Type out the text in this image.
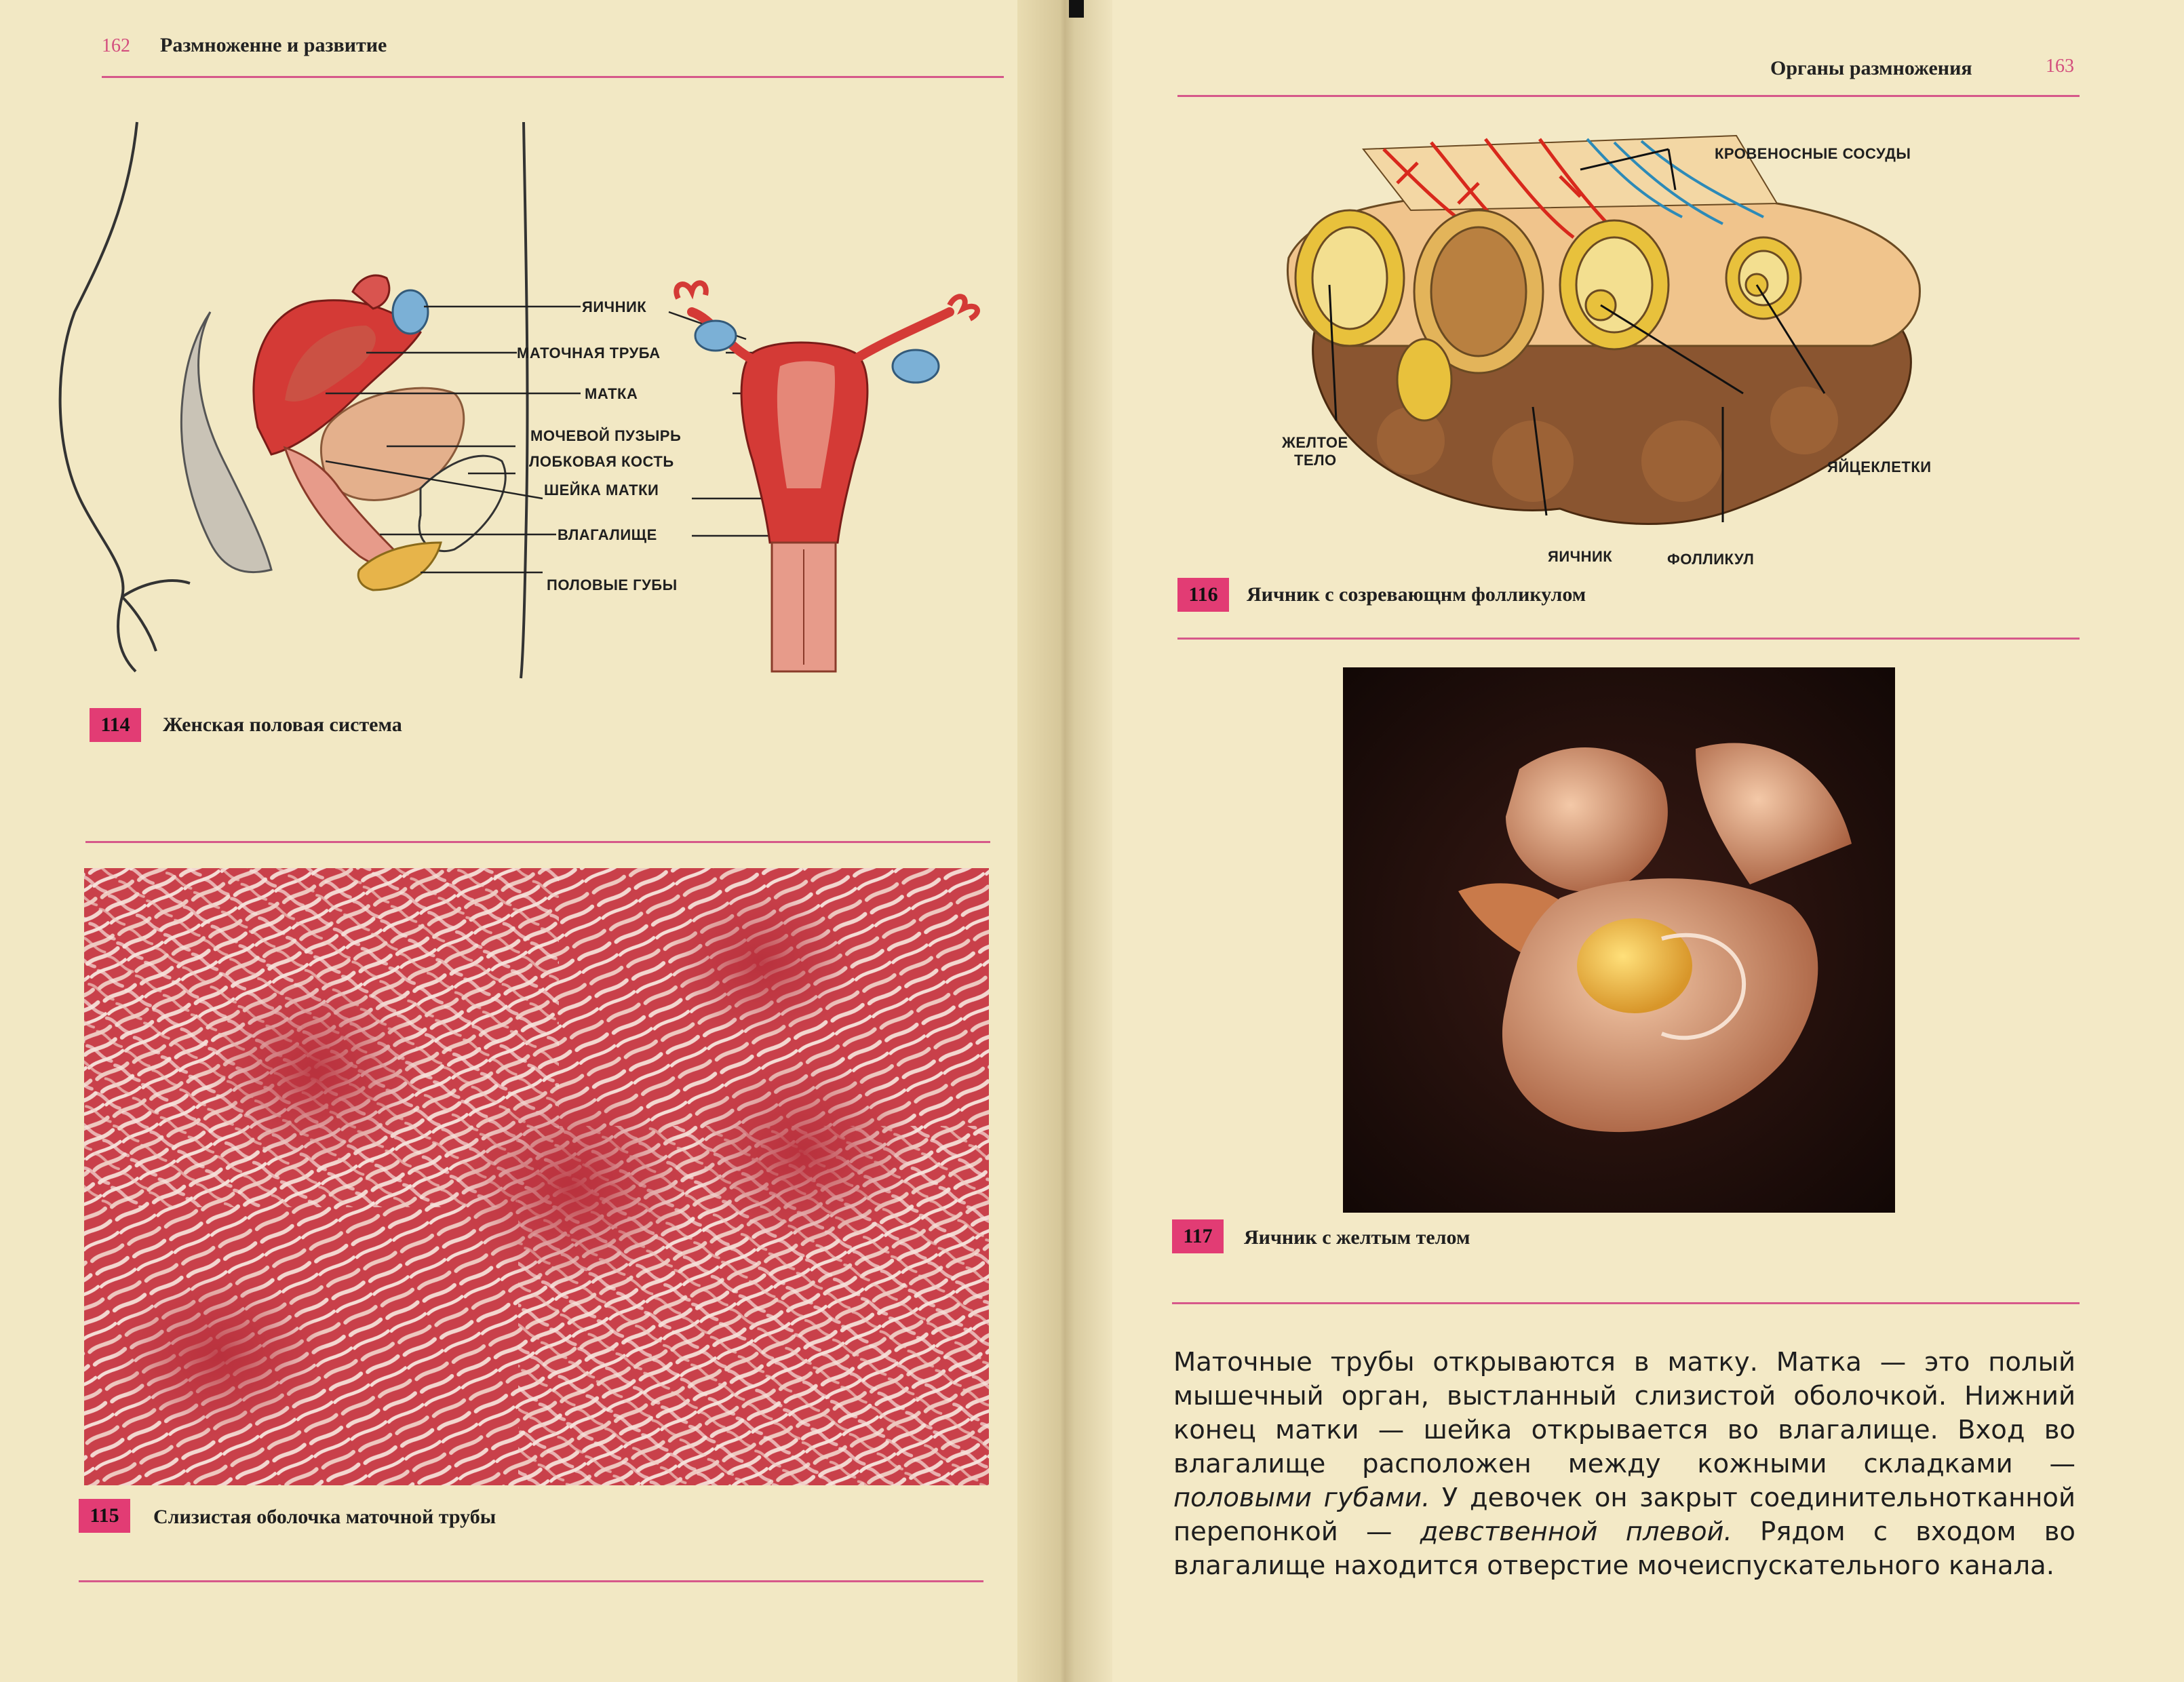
162 Размноженне и развитие
ЯИЧНИК
МАТОЧНАЯ ТРУБА
МАТКА
МОЧЕВОЙ ПУЗЫРЬ
ЛОБКОВАЯ КОСТЬ
ШЕЙКА МАТКИ
ВЛАГАЛИЩЕ
ПОЛОВЫЕ ГУБЫ
114	Женская половая система
115	Слизистая оболочка маточной трубы
Органы размножения	163
КРОВЕНОСНЫЕ СОСУДЫ
ЖЕЛТОЕ
ТЕЛО	ЯЙЦЕКЛЕТКИ
ЯИЧНИК	ФОЛЛИКУЛ
116	Яичник с созревающнм фолликулом
117	Яичник с желтым телом

Маточные трубы открываются в матку. Матка — это полый мышечный орган, выстланный слизистой оболочкой. Нижний конец матки — шейка открывается во влагалище. Вход во влагалище расположен между кожными складками — половыми губами. У девочек он закрыт соединительнотканной перепонкой — девственной плевой. Рядом с входом во влагалище находится отверстие мочеиспускательного канала.
